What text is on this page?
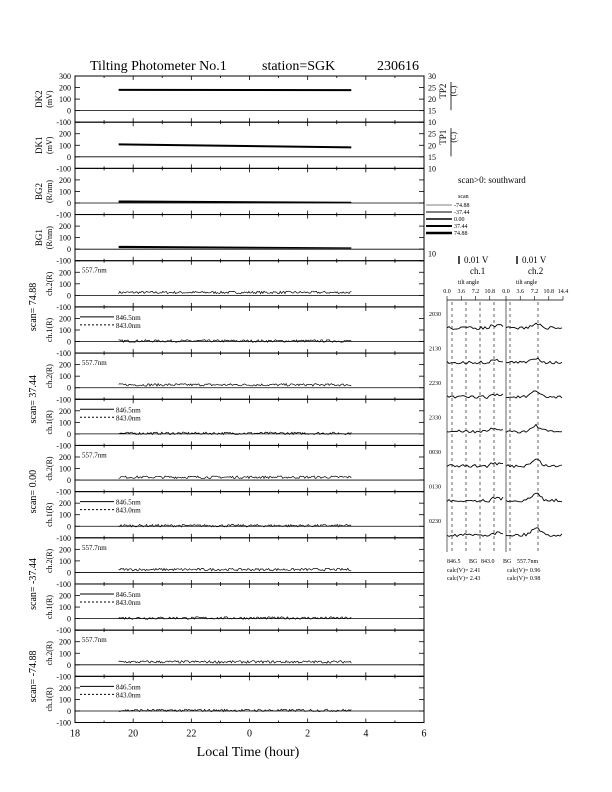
Tilting Photometer No.1	station=SGK	230616
300
200
100
0
-100
DK2 (mV)
30
25
20
15
10
TP2 (C)
200
100
0
-100
DK1 (mV)
25
20
15
10
TP1 (C)
200
100
0
-100
BG2 (R/nm)
200
100
0
-100
BG1 (R/nm)
10
200
100
0
-100
ch.2(R)
557.7nm
scan= 74.88	200
100
0
-100
ch.1(R)	846.5nm
843.0nm
200
100
0
-100
ch.2(R)
557.7nm
scan= 37.44	200
100
0
-100
ch.1(R)	846.5nm
843.0nm
200
100
0
-100
ch.2(R)
557.7nm
scan= 0.00	200
100
0
-100
ch.1(R)	846.5nm
843.0nm
200
100
0
-100
ch.2(R)
557.7nm
scan= -37.44	200
100
0
-100
ch.1(R)	846.5nm
843.0nm
200
100
0
-100
ch.2(R)
557.7nm
scan= -74.88	200
100
0
-100
ch.1(R)	846.5nm
843.0nm
18	20	22	0	2	4	6
Local Time (hour)
scan>0: southward
scan
-74.88
-37.44
0.00
37.44
74.88
0.01 V	0.01 V
ch.1	ch.2
tilt angle	tilt angle
0.0 3.6 7.2 10.8 0.0 3.6 7.2 10.8 14.4
2030
2130
2230
2330
0030
0130
0230
846.5 BG 843.0 BG 557.7nm
calc(V)= 2.41
calc(V)= 2.43
calc(V)= 0.96
calc(V)= 0.98
